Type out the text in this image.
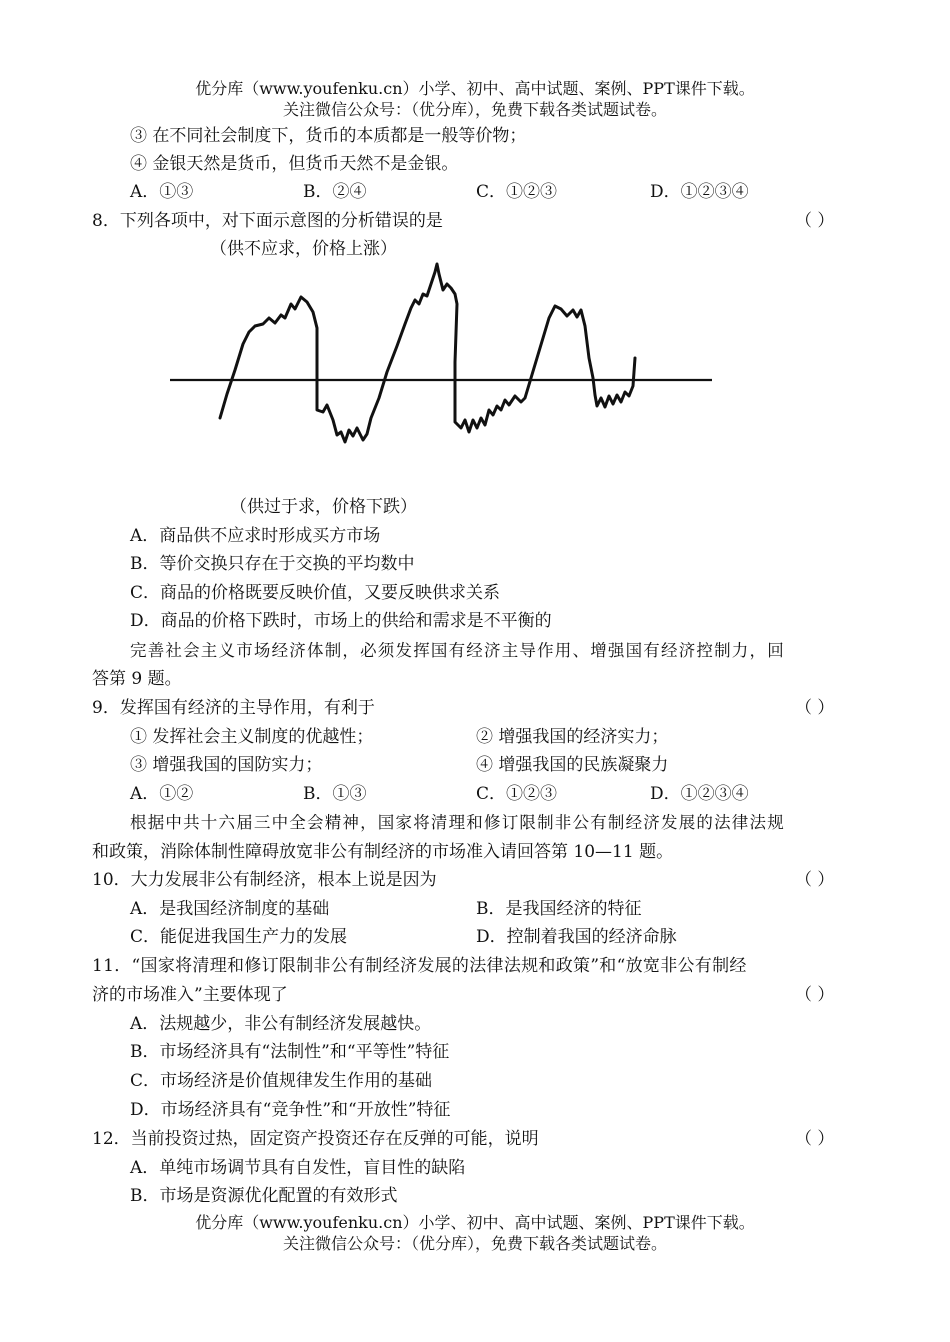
优分库（www.youfenku.cn）小学、初中、高中试题、案例、PPT课件下载。
关注微信公众号：（优分库），免费下载各类试题试卷。
③ 在不同社会制度下，货币的本质都是一般等价物；
④ 金银天然是货币，但货币天然不是金银。
A．①③	B．②④	C．①②③	D．①②③④
8．下列各项中，对下面示意图的分析错误的是	（ ）
（供不应求，价格上涨）
（供过于求，价格下跌）
A．商品供不应求时形成买方市场
B．等价交换只存在于交换的平均数中
C．商品的价格既要反映价值，又要反映供求关系
D．商品的价格下跌时，市场上的供给和需求是不平衡的
完善社会主义市场经济体制，必须发挥国有经济主导作用、增强国有经济控制力，回
答第 9 题。
9．发挥国有经济的主导作用，有利于	（ ）
① 发挥社会主义制度的优越性；	② 增强我国的经济实力；
③ 增强我国的国防实力；	④ 增强我国的民族凝聚力
A．①②	B．①③	C．①②③	D．①②③④
根据中共十六届三中全会精神，国家将清理和修订限制非公有制经济发展的法律法规
和政策，消除体制性障碍放宽非公有制经济的市场准入请回答第 10—11 题。
10．大力发展非公有制经济，根本上说是因为	（ ）
A．是我国经济制度的基础	B．是我国经济的特征
C．能促进我国生产力的发展	D．控制着我国的经济命脉
11．“国家将清理和修订限制非公有制经济发展的法律法规和政策”和“放宽非公有制经
济的市场准入”主要体现了	（ ）
A．法规越少，非公有制经济发展越快。
B．市场经济具有“法制性”和“平等性”特征
C．市场经济是价值规律发生作用的基础
D．市场经济具有“竞争性”和“开放性”特征
12．当前投资过热，固定资产投资还存在反弹的可能，说明	（ ）
A．单纯市场调节具有自发性，盲目性的缺陷
B．市场是资源优化配置的有效形式
优分库（www.youfenku.cn）小学、初中、高中试题、案例、PPT课件下载。
关注微信公众号：（优分库），免费下载各类试题试卷。
